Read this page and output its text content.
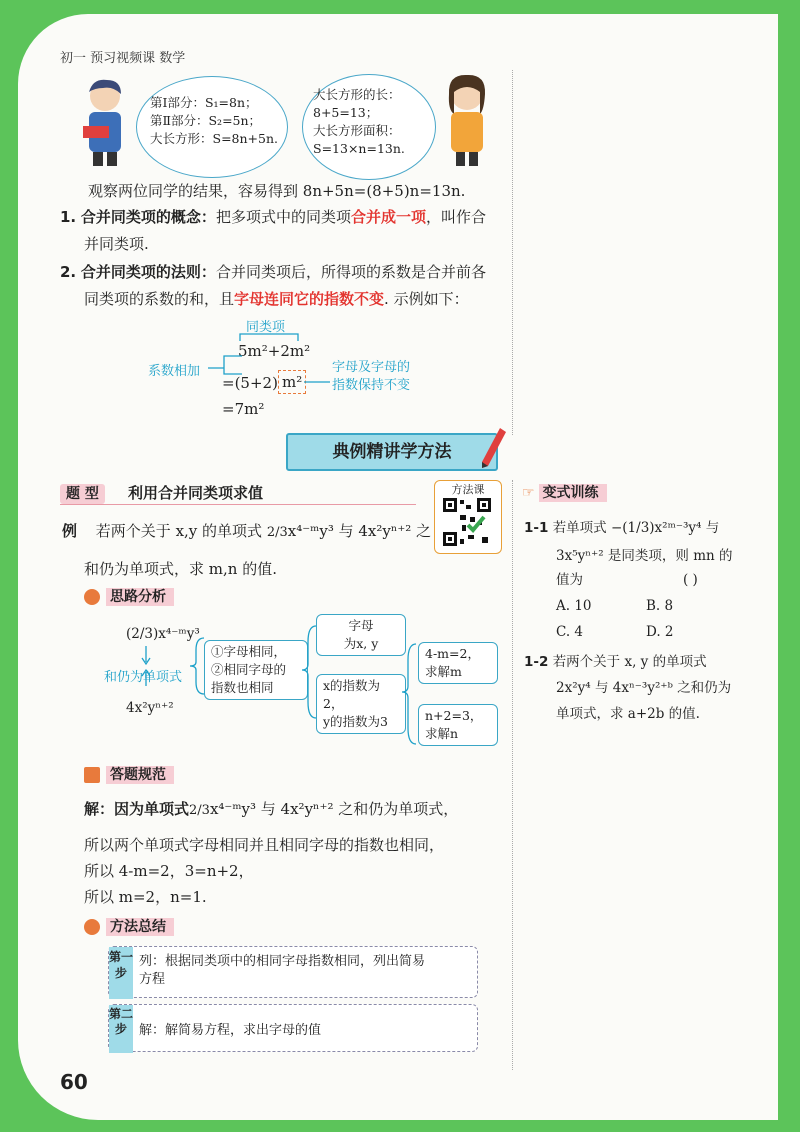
初一 预习视频课 数学
第Ⅰ部分：S₁=8n；
第Ⅱ部分：S₂=5n；
大长方形：S=8n+5n.
大长方形的长：
8+5=13；
大长方形面积：
S=13×n=13n.
观察两位同学的结果，容易得到 8n+5n=(8+5)n=13n.
1. 合并同类项的概念：把多项式中的同类项合并成一项，叫作合
并同类项.
2. 合并同类项的法则：合并同类项后，所得项的系数是合并前各
同类项的系数的和，且字母连同它的指数不变. 示例如下：
同类项
5m²+2m²
系数相加
=(5+2) m²
字母及字母的
指数保持不变
=7m²
典例精讲学方法
题 型 利用合并同类项求值	方法课
例 若两个关于 x,y 的单项式 2/3x⁴⁻ᵐy³ 与 4x²yⁿ⁺² 之
和仍为单项式，求 m,n 的值.
思路分析
(2/3)x⁴⁻ᵐy³
和仍为单项式
4x²yⁿ⁺²
①字母相同，
②相同字母的
指数也相同
字母
为x, y
x的指数为2，
y的指数为3
4-m=2，
求解m
n+2=3，
求解n
答题规范
解：因为单项式2/3x⁴⁻ᵐy³ 与 4x²yⁿ⁺² 之和仍为单项式，
所以两个单项式字母相同并且相同字母的指数也相同，
所以 4-m=2，3=n+2，
所以 m=2，n=1.
方法总结
第一步
列：根据同类项中的相同字母指数相同，列出简易
方程
第二步 解：解简易方程，求出字母的值
☞ 变式训练
1-1 若单项式 −(1/3)x²ᵐ⁻³y⁴ 与
3x⁵yⁿ⁺² 是同类项，则 mn 的
值为	( )
A. 10	B. 8
C. 4	D. 2
1-2 若两个关于 x, y 的单项式
2x²y⁴ 与 4xⁿ⁻³y²⁺ᵇ 之和仍为
单项式，求 a+2b 的值.
60
